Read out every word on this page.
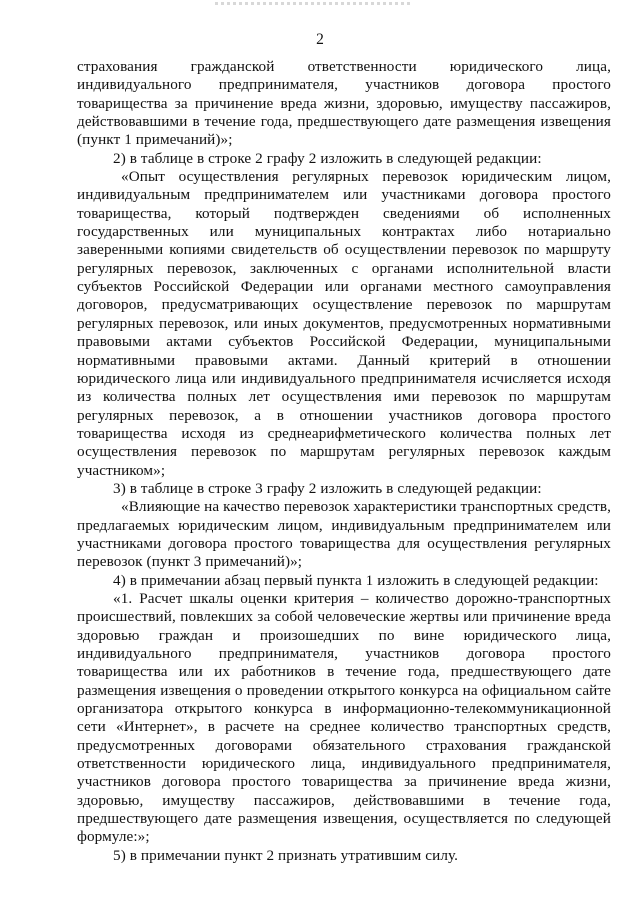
2
страхования гражданской ответственности юридического лица,
индивидуального предпринимателя, участников договора простого
товарищества за причинение вреда жизни, здоровью, имуществу пассажиров,
действовавшими в течение года, предшествующего дате размещения извещения
(пункт 1 примечаний)»;
2) в таблице в строке 2 графу 2 изложить в следующей редакции:
«Опыт осуществления регулярных перевозок юридическим лицом,
индивидуальным предпринимателем или участниками договора простого
товарищества, который подтвержден сведениями об исполненных
государственных или муниципальных контрактах либо нотариально
заверенными копиями свидетельств об осуществлении перевозок по маршруту
регулярных перевозок, заключенных с органами исполнительной власти
субъектов Российской Федерации или органами местного самоуправления
договоров, предусматривающих осуществление перевозок по маршрутам
регулярных перевозок, или иных документов, предусмотренных нормативными
правовыми актами субъектов Российской Федерации, муниципальными
нормативными правовыми актами. Данный критерий в отношении
юридического лица или индивидуального предпринимателя исчисляется исходя
из количества полных лет осуществления ими перевозок по маршрутам
регулярных перевозок, а в отношении участников договора простого
товарищества исходя из среднеарифметического количества полных лет
осуществления перевозок по маршрутам регулярных перевозок каждым
участником»;
3) в таблице в строке 3 графу 2 изложить в следующей редакции:
«Влияющие на качество перевозок характеристики транспортных средств,
предлагаемых юридическим лицом, индивидуальным предпринимателем или
участниками договора простого товарищества для осуществления регулярных
перевозок (пункт 3 примечаний)»;
4) в примечании абзац первый пункта 1 изложить в следующей редакции:
«1. Расчет шкалы оценки критерия – количество дорожно-транспортных
происшествий, повлекших за собой человеческие жертвы или причинение вреда
здоровью граждан и произошедших по вине юридического лица,
индивидуального предпринимателя, участников договора простого
товарищества или их работников в течение года, предшествующего дате
размещения извещения о проведении открытого конкурса на официальном сайте
организатора открытого конкурса в информационно-телекоммуникационной
сети «Интернет», в расчете на среднее количество транспортных средств,
предусмотренных договорами обязательного страхования гражданской
ответственности юридического лица, индивидуального предпринимателя,
участников договора простого товарищества за причинение вреда жизни,
здоровью, имуществу пассажиров, действовавшими в течение года,
предшествующего дате размещения извещения, осуществляется по следующей
формуле:»;
5) в примечании пункт 2 признать утратившим силу.
